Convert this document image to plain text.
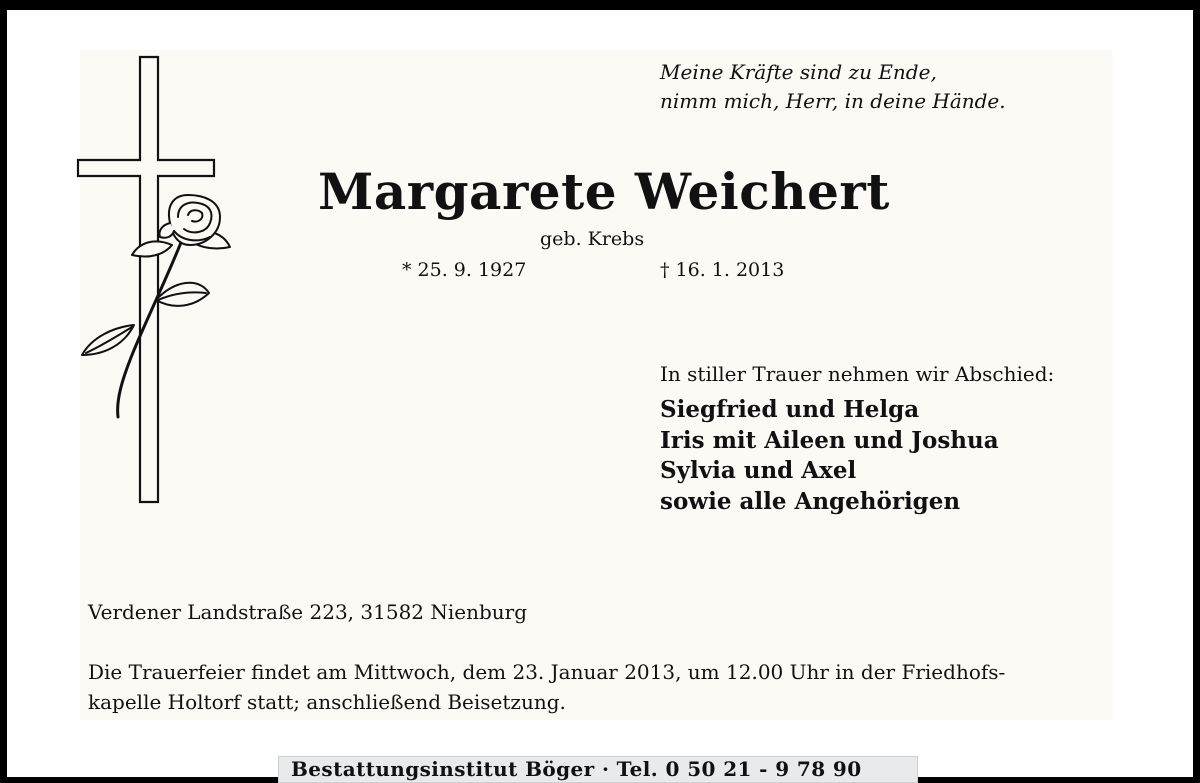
Meine Kräfte sind zu Ende,
nimm mich, Herr, in deine Hände.
Margarete Weichert
geb. Krebs
* 25. 9. 1927	† 16. 1. 2013
In stiller Trauer nehmen wir Abschied:
Siegfried und Helga
Iris mit Aileen und Joshua
Sylvia und Axel
sowie alle Angehörigen
Verdener Landstraße 223, 31582 Nienburg
Die Trauerfeier findet am Mittwoch, dem 23. Januar 2013, um 12.00 Uhr in der Friedhofs-
kapelle Holtorf statt; anschließend Beisetzung.
Bestattungsinstitut Böger · Tel. 0 50 21 - 9 78 90
